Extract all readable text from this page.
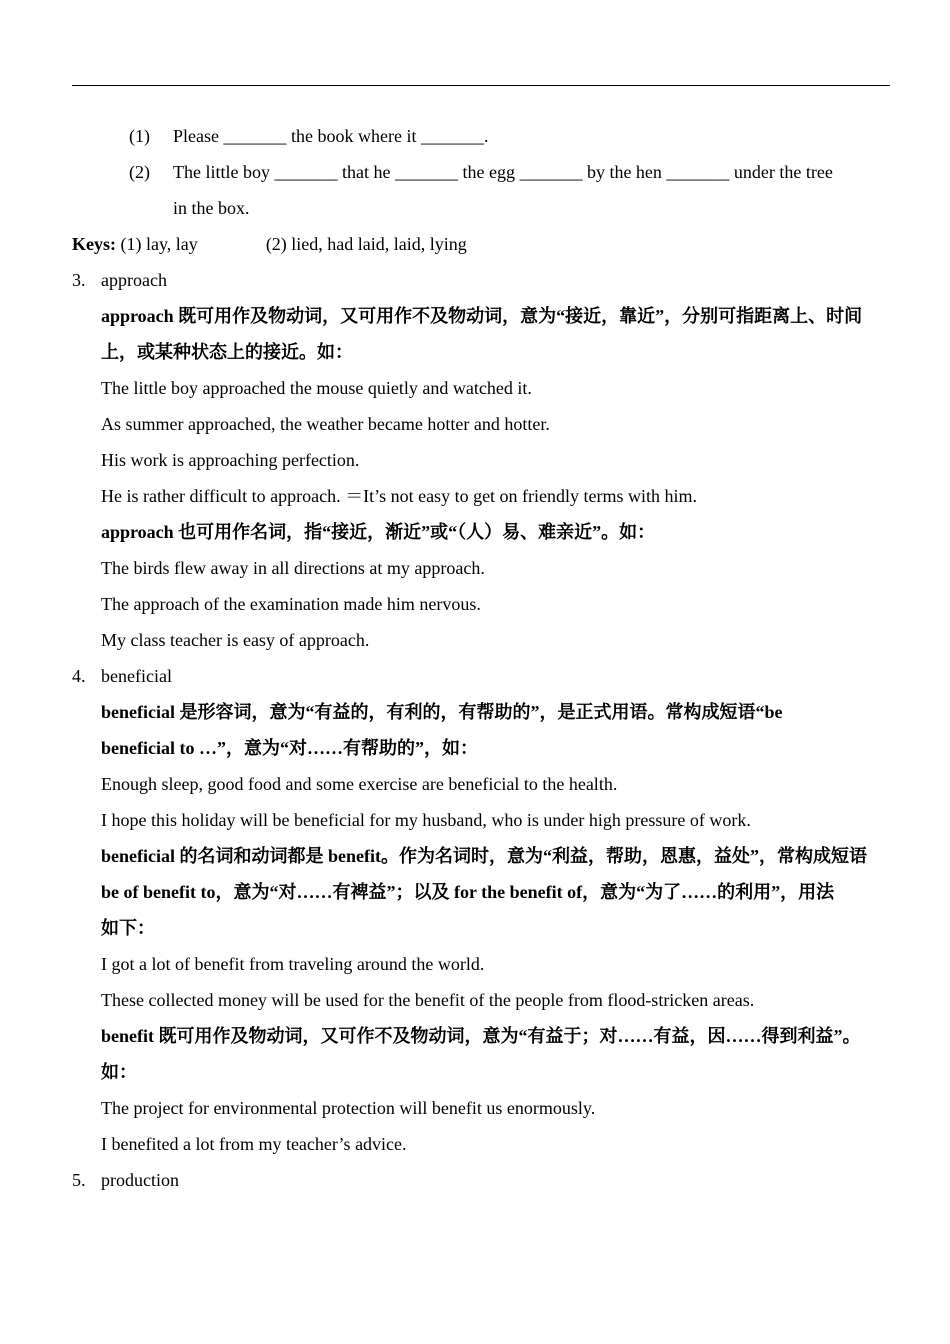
(1) Please _______ the book where it _______.
(2) The little boy _______ that he _______ the egg _______ by the hen _______ under the tree
in the box.
Keys: (1) lay, lay	(2) lied, had laid, laid, lying
3. approach
approach 既可用作及物动词，又可用作不及物动词，意为“接近，靠近”，分别可指距离上、时间
上，或某种状态上的接近。如：
The little boy approached the mouse quietly and watched it.
As summer approached, the weather became hotter and hotter.
His work is approaching perfection.
He is rather difficult to approach. ＝It’s not easy to get on friendly terms with him.
approach 也可用作名词，指“接近，渐近”或“（人）易、难亲近”。如：
The birds flew away in all directions at my approach.
The approach of the examination made him nervous.
My class teacher is easy of approach.
4. beneficial
beneficial 是形容词，意为“有益的，有利的，有帮助的”，是正式用语。常构成短语“be
beneficial to …”，意为“对……有帮助的”，如：
Enough sleep, good food and some exercise are beneficial to the health.
I hope this holiday will be beneficial for my husband, who is under high pressure of work.
beneficial 的名词和动词都是 benefit。作为名词时，意为“利益，帮助，恩惠，益处”，常构成短语
be of benefit to，意为“对……有裨益”；以及 for the benefit of，意为“为了……的利用”，用法
如下：
I got a lot of benefit from traveling around the world.
These collected money will be used for the benefit of the people from flood-stricken areas.
benefit 既可用作及物动词，又可作不及物动词，意为“有益于；对……有益，因……得到利益”。
如：
The project for environmental protection will benefit us enormously.
I benefited a lot from my teacher’s advice.
5. production
